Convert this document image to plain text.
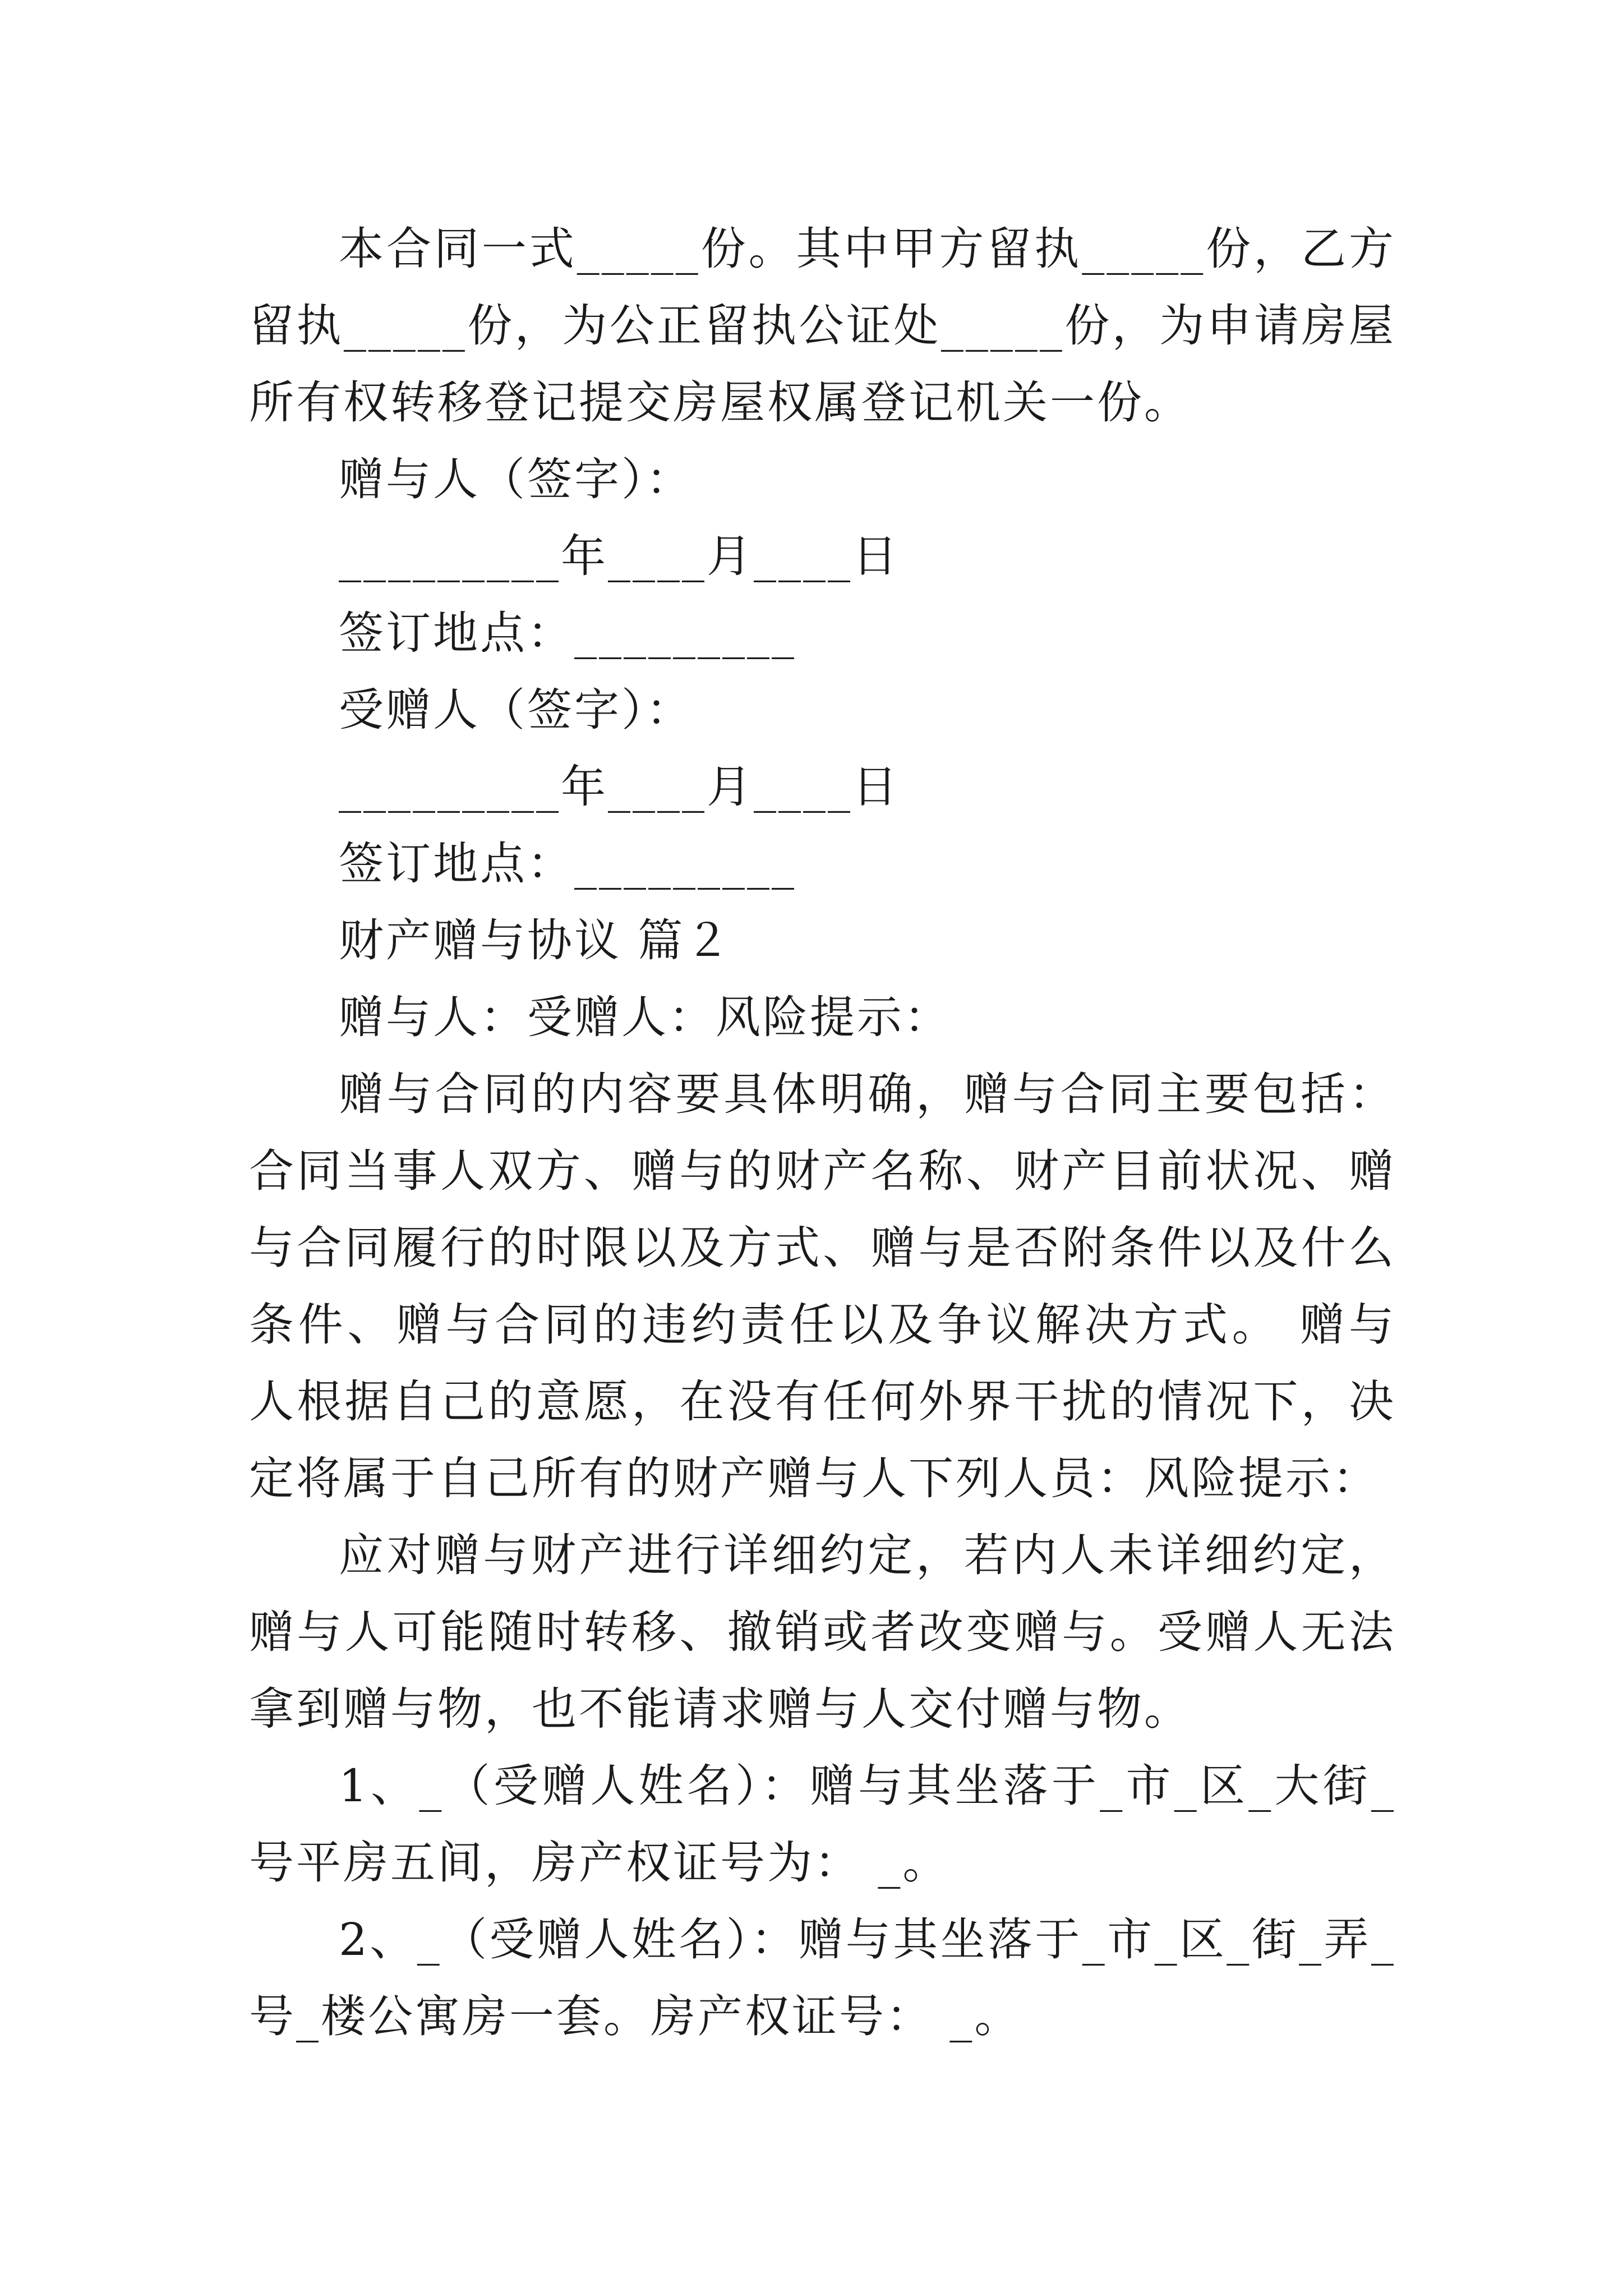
本合同一式_____份。其中甲方留执_____份，乙方留执_____份，为公正留执公证处_____份，为申请房屋所有权转移登记提交房屋权属登记机关一份。

赠与人（签字）：

_________年____月____日

签订地点：_________

受赠人（签字）：

_________年____月____日

签订地点：_________

财产赠与协议 篇２

赠与人：受赠人：风险提示：

赠与合同的内容要具体明确，赠与合同主要包括：合同当事人双方、赠与的财产名称、财产目前状况、赠与合同履行的时限以及方式、赠与是否附条件以及什么条件、赠与合同的违约责任以及争议解决方式。 赠与人根据自己的意愿，在没有任何外界干扰的情况下，决定将属于自己所有的财产赠与人下列人员：风险提示：

应对赠与财产进行详细约定，若内人未详细约定，赠与人可能随时转移、撤销或者改变赠与。受赠人无法拿到赠与物，也不能请求赠与人交付赠与物。

1、_（受赠人姓名）：赠与其坐落于_市_区_大街_号平房五间，房产权证号为： _。

2、_（受赠人姓名）：赠与其坐落于_市_区_街_弄_号_楼公寓房一套。房产权证号： _。
